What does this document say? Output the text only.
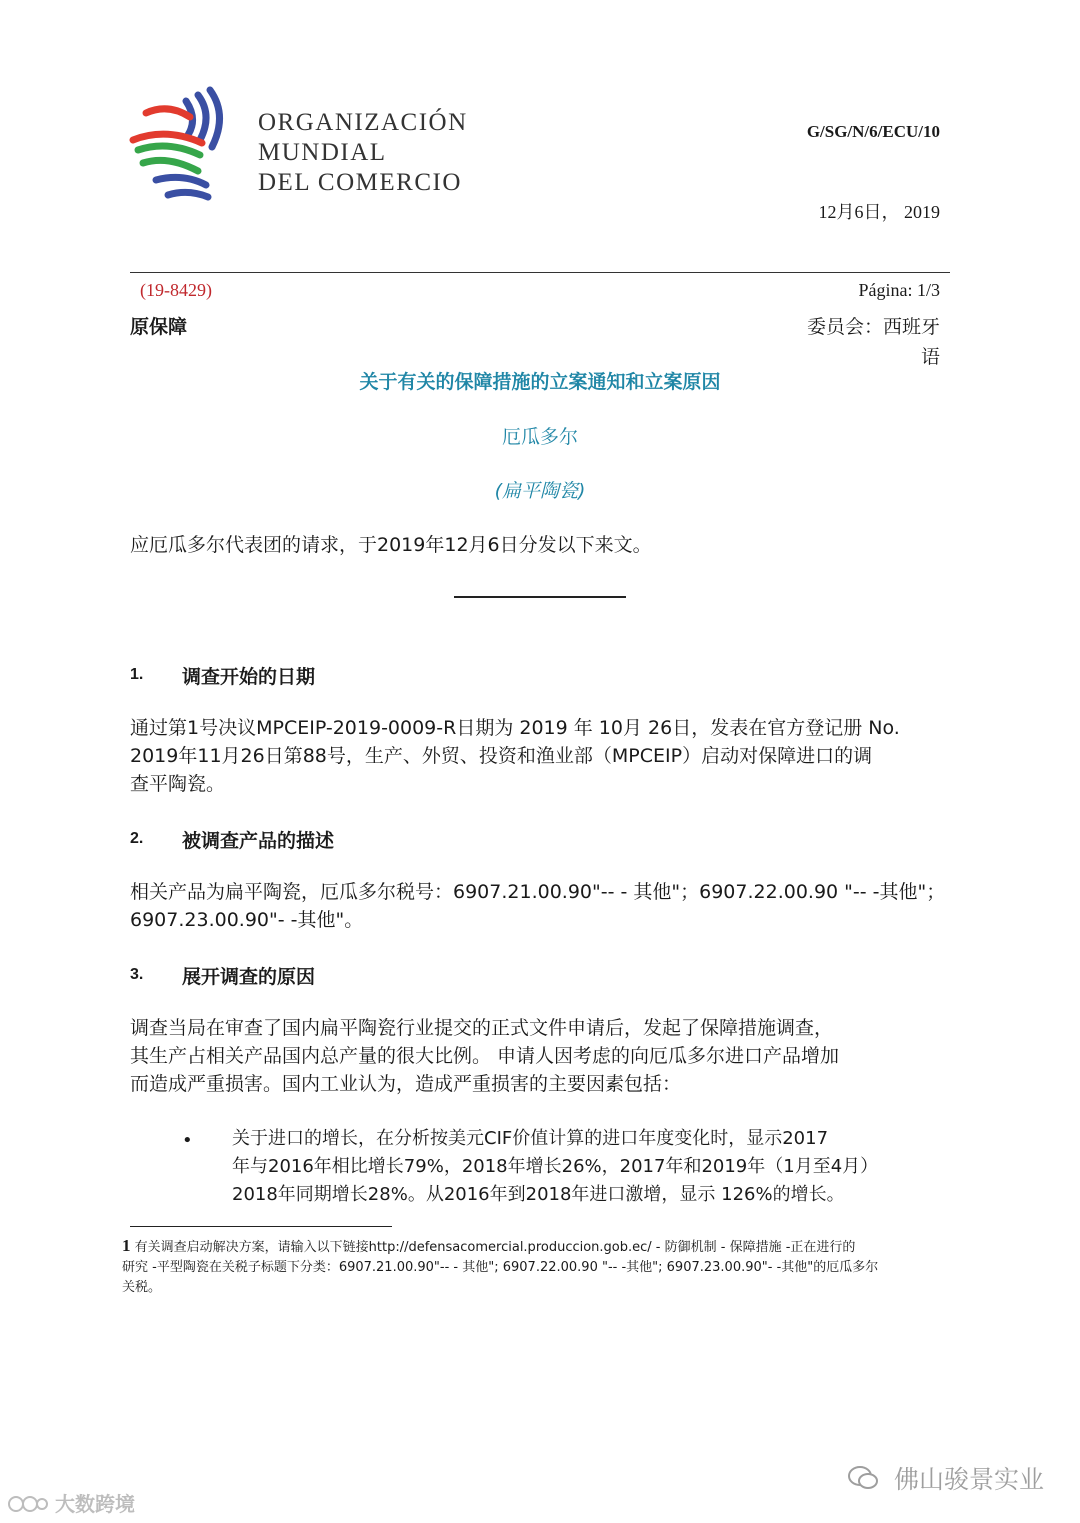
ORGANIZACIÓN
MUNDIAL
DEL COMERCIO
G/SG/N/6/ECU/10
12月6日， 2019
(19-8429)	Página: 1/3
原保障	委员会：西班牙
语
关于有关的保障措施的立案通知和立案原因
厄瓜多尔
(扁平陶瓷)
应厄瓜多尔代表团的请求，于2019年12月6日分发以下来文。
1. 调查开始的日期
通过第1号决议MPCEIP-2019-0009-R日期为 2019 年 10月 26日，发表在官方登记册 No.
2019年11月26日第88号，生产、外贸、投资和渔业部（MPCEIP）启动对保障进口的调
查平陶瓷。
2. 被调查产品的描述
相关产品为扁平陶瓷，厄瓜多尔税号：6907.21.00.90"-- - 其他"；6907.22.00.90 "-- -其他"；
6907.23.00.90"- -其他"。
3. 展开调查的原因
调查当局在审查了国内扁平陶瓷行业提交的正式文件申请后，发起了保障措施调查，
其生产占相关产品国内总产量的很大比例。 申请人因考虑的向厄瓜多尔进口产品增加
而造成严重损害。国内工业认为，造成严重损害的主要因素包括：
• 关于进口的增长，在分析按美元CIF价值计算的进口年度变化时，显示2017
年与2016年相比增长79%，2018年增长26%，2017年和2019年（1月至4月）
2018年同期增长28%。从2016年到2018年进口激增，显示 126%的增长。
1 有关调查启动解决方案，请输入以下链接http://defensacomercial.produccion.gob.ec/ - 防御机制 - 保障措施 -正在进行的
研究 -平型陶瓷在关税子标题下分类：6907.21.00.90"-- - 其他"; 6907.22.00.90 "-- -其他"; 6907.23.00.90"- -其他"的厄瓜多尔
关税。
大数跨境
佛山骏景实业
